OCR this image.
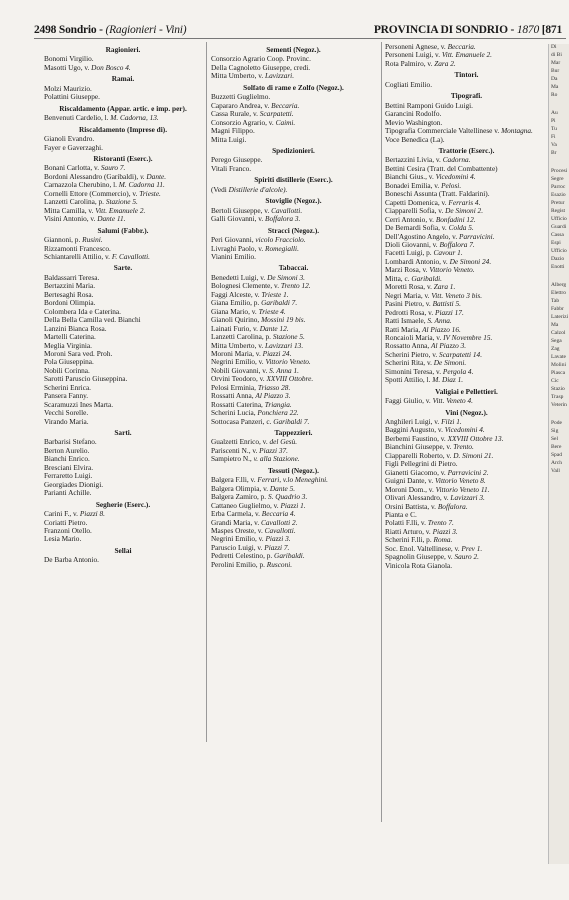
2498 Sondrio - (Ragionieri - Vini)	PROVINCIA DI SONDRIO - 1870 [871
Ragionieri.
Bonomi Virgilio.
Masotti Ugo, v. Don Bosco 4.
Ramai.
Molzi Maurizio.
Polattini Giuseppe.
Riscaldamento (Appar. artic. e imp. per).
Benvenuti Cardelio, l. M. Cadorna, 13.
Riscaldamento (Imprese di).
Gianoli Evandro.
Fayer e Gaverzaghi.
Ristoranti (Eserc.).
Bonani Carlotta, v. Sauro 7.
Bordoni Alessandro (Garibaldi), v. Dante.
Carnazzola Cherubino, l. M. Cadorna 11.
Cornelli Ettore (Commercio), v. Trieste.
Lanzetti Carolina, p. Stazione 5.
Mitta Camilla, v. Vitt. Emanuele 2.
Visini Antonio, v. Dante 11.
Salumi (Fabbr.).
Giannoni, p. Rusini.
Rizzamonti Francesco.
Schiantarelli Attilio, v. F. Cavallotti.
Sarte.
Baldassarri Teresa.
Bertazzini Maria.
Bertesaghi Rosa.
Bordoni Olimpia.
Colombera Ida e Caterina.
Della Bella Camilla ved. Bianchi
Lanzini Bianca Rosa.
Martelli Caterina.
Meglia Virginia.
Moroni Sara ved. Proh.
Pola Giuseppina.
Nobili Corinna.
Sarotti Paruscio Giuseppina.
Scherini Enrica.
Pansera Fanny.
Scaramuzzi Ines Marta.
Vecchi Sorelle.
Virando Maria.
Sarti.
Barbarisi Stefano.
Berton Aurelio.
Bianchi Enrico.
Bresciani Elvira.
Ferraretto Luigi.
Georgiades Dionigi.
Parianti Achille.
Segherie (Eserc.).
Carini F., v. Piazzi 8.
Coriatti Pietro.
Franzoni Otello.
Lesia Mario.
Sellai
De Barba Antonio.
Sementi (Negoz.).
Consorzio Agrario Coop. Provinc.
Della Cagnoletto Giuseppe, credi.
Mitta Umberto, v. Lavizzari.
Solfato di rame e Zolfo (Negoz.).
Buzzetti Guglielmo.
Capararo Andrea, v. Beccaria.
Cassa Rurale, v. Scarpatetti.
Consorzio Agrario, v. Caimi.
Magni Filippo.
Mitta Luigi.
Spedizionieri.
Perego Giuseppe.
Vitali Franco.
Spiriti distillerie (Eserc.).
(Vedi Distillerie d'alcole).
Stoviglie (Negoz.).
Bertoli Giuseppe, v. Cavallotti.
Galli Giovanni, v. Boffalora 3.
Stracci (Negoz.).
Peri Giovanni, vicolo Fracciolo.
Livraghi Paolo, v. Romegialli.
Vianini Emilio.
Tabaccai.
Benedetti Luigi, v. De Simoni 3.
Bolognesi Clemente, v. Trento 12.
Faggi Alceste, v. Trieste 1.
Giana Emilio, p. Garibaldi 7.
Giana Mario, v. Trieste 4.
Gianoli Quirino, Mossini 19 bis.
Lainati Furio, v. Dante 12.
Lanzetti Carolina, p. Stazione 5.
Mitta Umberto, v. Lavizzari 13.
Moroni Maria, v. Piazzi 24.
Negrini Emilio, v. Vittorio Veneto.
Nobili Giovanni, v. S. Anna 1.
Orvini Teodoro, v. XXVIII Ottobre.
Pelosi Erminia, Triasso 28.
Rossatti Anna, Al Piazzo 3.
Rossatti Caterina, Triangia.
Scherini Lucia, Ponchiera 22.
Sottocasa Panzeri, c. Garibaldi 7.
Tappezzieri.
Gualzetti Enrico, v. del Gesù.
Pariscenti N., v. Piazzi 37.
Sampietro N., v. alla Stazione.
Tessuti (Negoz.).
Balgera F.lli, v. Ferrari, v.lo Meneghini.
Balgera Olimpia, v. Dante 5.
Balgera Zamiro, p. S. Quadrio 3.
Cattaneo Guglielmo, v. Piazzi 1.
Erba Carmela, v. Beccaria 4.
Grandi Maria, v. Cavallotti 2.
Maspes Oreste, v. Cavallotti.
Negrini Emilio, v. Piazzi 3.
Paruscio Luigi, v. Piazzi 7.
Pedretti Celestino, p. Garibaldi.
Perolini Emilio, p. Rusconi.
Personeni Agnese, v. Beccaria.
Personeni Luigi, v. Vitt. Emanuele 2.
Rota Palmiro, v. Zara 2.
Tintori.
Cogliati Emilio.
Tipografi.
Bettini Ramponi Guido Luigi.
Garancini Rodolfo.
Mevio Washington.
Tipografia Commerciale Valtellinese v. Montagna.
Voce Benedica (La).
Trattorie (Eserc.).
Bertazzini Livia, v. Cadorna.
Bettini Cesira (Tratt. del Combattente)
Bianchi Gius., v. Vicedomini 4.
Bonadei Emilia, v. Pelosi.
Boneschi Assunta (Tratt. Faldarini).
Capetti Domenica, v. Ferraris 4.
Ciapparelli Sofia, v. De Simoni 2.
Cerri Antonio, v. Bonfadini 12.
De Bernardi Sofia, v. Colda 5.
Dell'Agostino Angelo, v. Parravicini.
Dioli Giovanni, v. Boffalora 7.
Facetti Luigi, p. Cavour 1.
Lombardi Antonio, v. De Simoni 24.
Marzi Rosa, v. Vittorio Veneto.
Mitta, c. Garibaldi.
Moretti Rosa, v. Zara 1.
Negri Maria, v. Vitt. Veneto 3 bis.
Pasini Pietro, v. Battisti 5.
Pedrotti Rosa, v. Piazzi 17.
Ratti Ismaele, S. Anna.
Ratti Maria, Al Piazzo 16.
Roncaioli Maria, v. IV Novembre 15.
Rossatto Anna, Al Piazzo 3.
Scherini Pietro, v. Scarpatetti 14.
Scherini Rita, v. De Simoni.
Simonini Teresa, v. Pergola 4.
Spotti Attilio, l. M. Diaz 1.
Valigiai e Pellettieri.
Faggi Giulio, v. Vitt. Veneto 4.
Vini (Negoz.).
Anghileri Luigi, v. Filzi 1.
Baggini Augusto, v. Vicedomini 4.
Berbemi Faustino, v. XXVIII Ottobre 13.
Bianchini Giuseppe, v. Trento.
Ciapparelli Roberto, v. D. Simoni 21.
Figli Pellegrini di Pietro.
Gianetti Giacomo, v. Parravicini 2.
Guigni Dante, v. Vittorio Veneto 8.
Moroni Dom., v. Vittorio Veneto 11.
Olivari Alessandro, v. Lavizzari 3.
Orsini Battista, v. Boffalora.
Pianta e C.
Polatti F.lli, v. Trento 7.
Riatti Arturo, v. Piazzi 3.
Scherini F.lli, p. Roma.
Soc. Enol. Valtellinese, v. Prev 1.
Spagnolin Giuseppe, v. Sauro 2.
Vinicola Rota Gianola.
Di
di Bi
Mar
Bur
Da
Ma
Ro
Au
Pi
Tu
Fi
Va
Br
Procesi
Segre
Parroc
Esazio
Pretur
Regist
Ufficio
Guardi
Cassa
Espi
Ufficio
Dazio
Enotti
Alberg
Elettro
Tab
Fabbr
Laterizi
Ma
Calzol
Sega
Zag
Lavate
Molini
Piasca
Cic
Stazio
Trasp
Veterin
Pode
Sig
Sel
Bere
Spad
Arch
Vall
